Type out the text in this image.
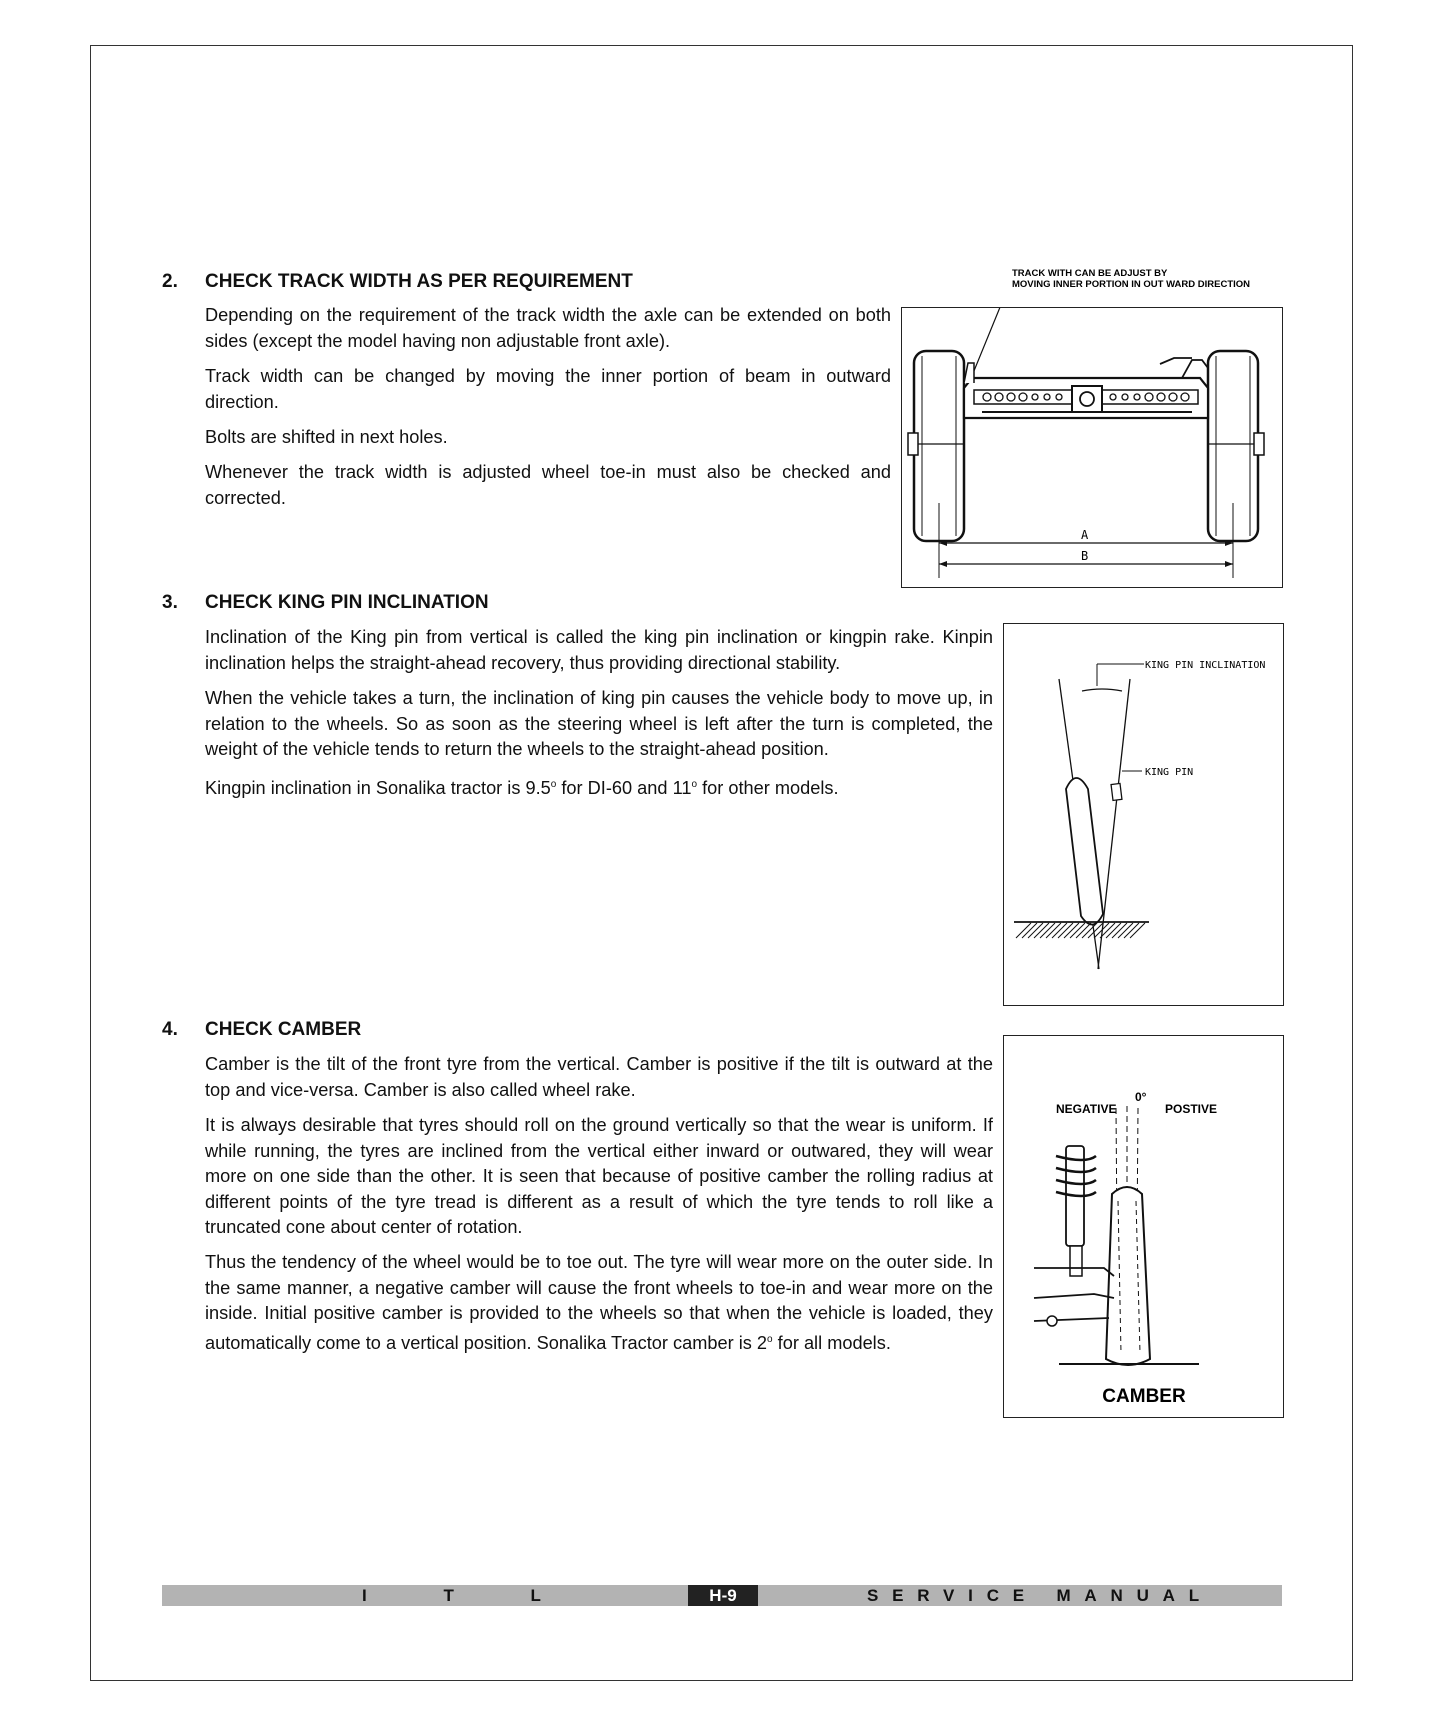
2. CHECK TRACK WIDTH AS PER REQUIREMENT
Depending on the requirement of the track width the axle can be extended on both sides (except the model having non adjustable front axle).
Track width can be changed by moving the inner portion of beam in outward direction.
Bolts are shifted in next holes.
Whenever the track width is adjusted wheel toe-in must also be checked and corrected.
TRACK WITH CAN BE ADJUST BY
MOVING INNER PORTION IN OUT WARD DIRECTION
A
B
3. CHECK KING PIN INCLINATION
Inclination of the King pin from vertical is called the king pin inclination or kingpin rake. Kinpin inclination helps the straight-ahead recovery, thus providing directional stability.
When the vehicle takes a turn, the inclination of king pin causes the vehicle body to move up, in relation to the wheels. So as soon as the steering wheel is left after the turn is completed, the weight of the vehicle tends to return the wheels to the straight-ahead position.
Kingpin inclination in Sonalika tractor is 9.5$^o$ for DI-60 and 11$^o$ for other models.
KING PIN INCLINATION
KING PIN
4. CHECK CAMBER
Camber is the tilt of the front tyre from the vertical. Camber is positive if the tilt is outward at the top and vice-versa. Camber is also called wheel rake.
It is always desirable that tyres should roll on the ground vertically so that the wear is uniform. If while running, the tyres are inclined from the vertical either inward or outwared, they will wear more on one side than the other. It is seen that because of positive camber the rolling radius at different points of the tyre tread is different as a result of which the tyre tends to roll like a truncated cone about center of rotation.
Thus the tendency of the wheel would be to toe out. The tyre will wear more on the outer side. In the same manner, a negative camber will cause the front wheels to toe-in and wear more on the inside. Initial positive camber is provided to the wheels so that when the vehicle is loaded, they automatically come to a vertical position. Sonalika Tractor camber is 2$^o$ for all models.
NEGATIVE
0°
POSTIVE
CAMBER
I T L	H-9	SERVICE MANUAL
